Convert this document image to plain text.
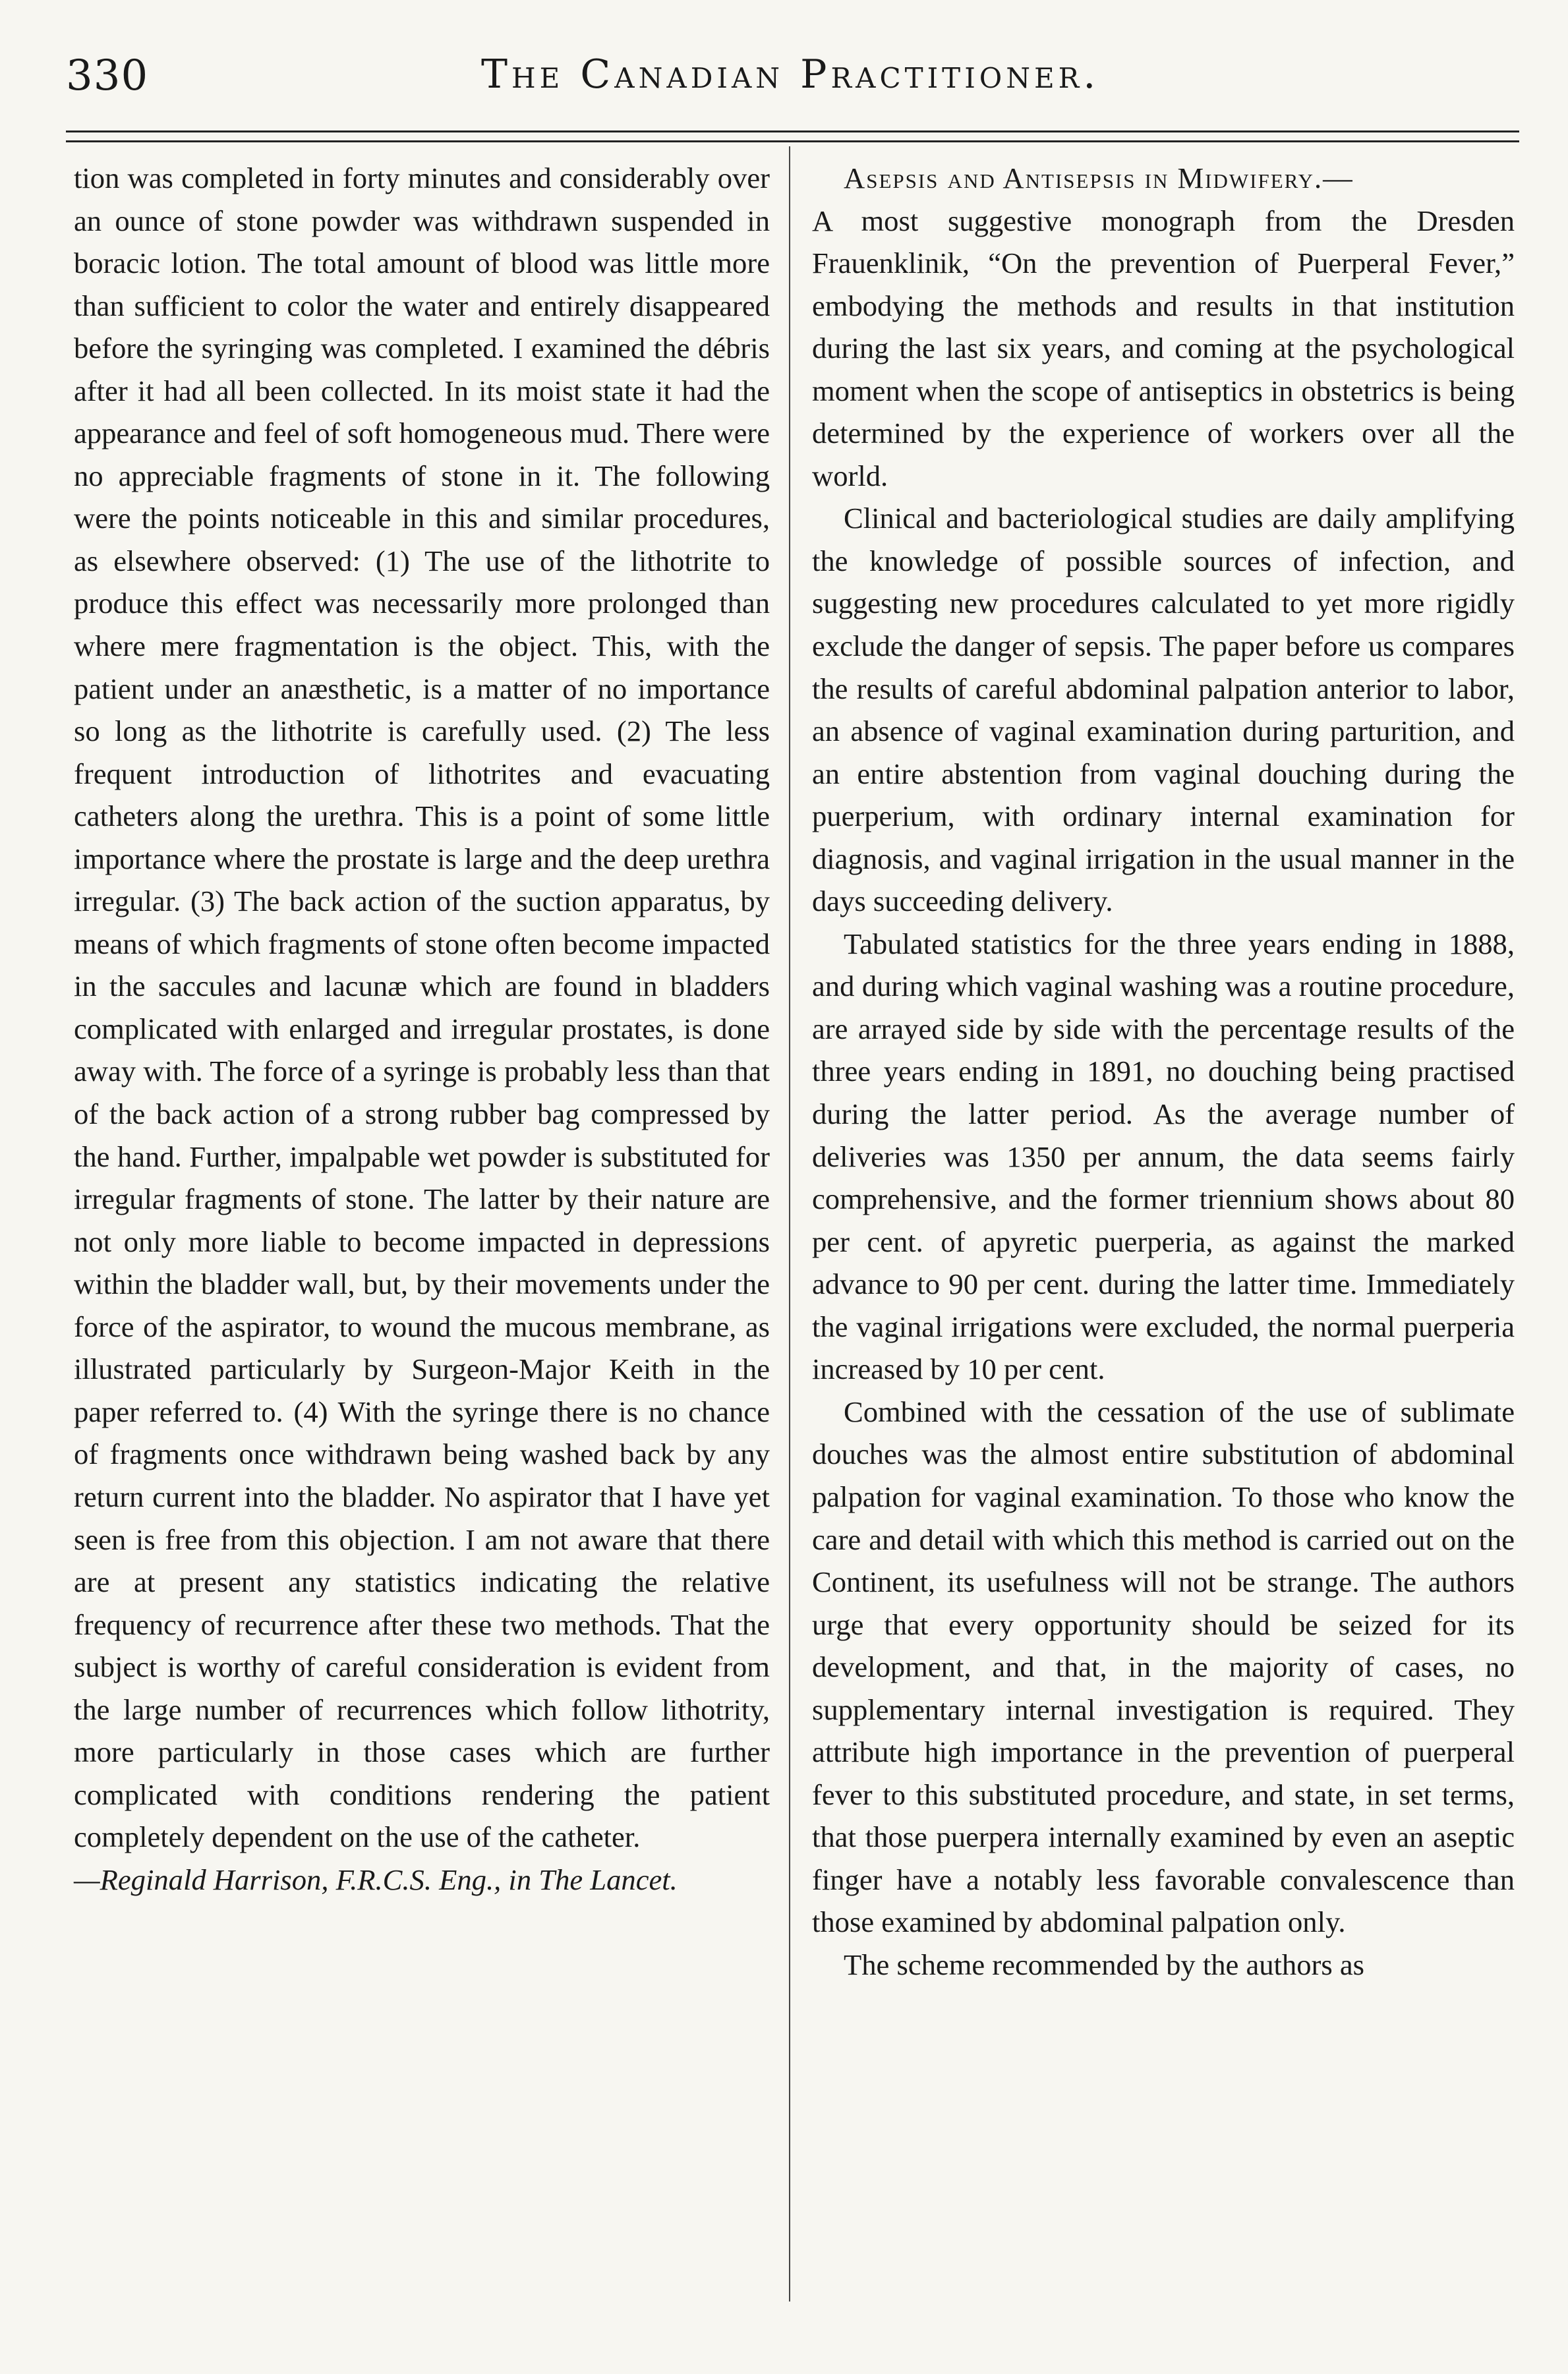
330	The Canadian Practitioner.

tion was completed in forty minutes and considerably over an ounce of stone powder was withdrawn suspended in boracic lotion. The total amount of blood was little more than sufficient to color the water and entirely disappeared before the syringing was completed. I examined the débris after it had all been collected. In its moist state it had the appearance and feel of soft homogeneous mud. There were no appreciable fragments of stone in it. The following were the points noticeable in this and similar procedures, as elsewhere observed: (1) The use of the lithotrite to produce this effect was necessarily more prolonged than where mere fragmentation is the object. This, with the patient under an anæsthetic, is a matter of no importance so long as the lithotrite is carefully used. (2) The less frequent introduction of lithotrites and evacuating catheters along the urethra. This is a point of some little importance where the prostate is large and the deep urethra irregular. (3) The back action of the suction apparatus, by means of which fragments of stone often become impacted in the saccules and lacunæ which are found in bladders complicated with enlarged and irregular prostates, is done away with. The force of a syringe is probably less than that of the back action of a strong rubber bag compressed by the hand. Further, impalpable wet powder is substituted for irregular fragments of stone. The latter by their nature are not only more liable to become impacted in depressions within the bladder wall, but, by their movements under the force of the aspirator, to wound the mucous membrane, as illustrated particularly by Surgeon-Major Keith in the paper referred to. (4) With the syringe there is no chance of fragments once withdrawn being washed back by any return current into the bladder. No aspirator that I have yet seen is free from this objection. I am not aware that there are at present any statistics indicating the relative frequency of recurrence after these two methods. That the subject is worthy of careful consideration is evident from the large number of recurrences which follow lithotrity, more particularly in those cases which are further complicated with conditions rendering the patient completely dependent on the use of the catheter.

—Reginald Harrison, F.R.C.S. Eng., in The Lancet.

Asepsis and Antisepsis in Midwifery.—
A most suggestive monograph from the Dresden Frauenklinik, “On the prevention of Puerperal Fever,” embodying the methods and results in that institution during the last six years, and coming at the psychological moment when the scope of antiseptics in obstetrics is being determined by the experience of workers over all the world.

Clinical and bacteriological studies are daily amplifying the knowledge of possible sources of infection, and suggesting new procedures calculated to yet more rigidly exclude the danger of sepsis. The paper before us compares the results of careful abdominal palpation anterior to labor, an absence of vaginal examination during parturition, and an entire abstention from vaginal douching during the puerperium, with ordinary internal examination for diagnosis, and vaginal irrigation in the usual manner in the days succeeding delivery.

Tabulated statistics for the three years ending in 1888, and during which vaginal washing was a routine procedure, are arrayed side by side with the percentage results of the three years ending in 1891, no douching being practised during the latter period. As the average number of deliveries was 1350 per annum, the data seems fairly comprehensive, and the former triennium shows about 80 per cent. of apyretic puerperia, as against the marked advance to 90 per cent. during the latter time. Immediately the vaginal irrigations were excluded, the normal puerperia increased by 10 per cent.

Combined with the cessation of the use of sublimate douches was the almost entire substitution of abdominal palpation for vaginal examination. To those who know the care and detail with which this method is carried out on the Continent, its usefulness will not be strange. The authors urge that every opportunity should be seized for its development, and that, in the majority of cases, no supplementary internal investigation is required. They attribute high importance in the prevention of puerperal fever to this substituted procedure, and state, in set terms, that those puerpera internally examined by even an aseptic finger have a notably less favorable convalescence than those examined by abdominal palpation only.

The scheme recommended by the authors as
